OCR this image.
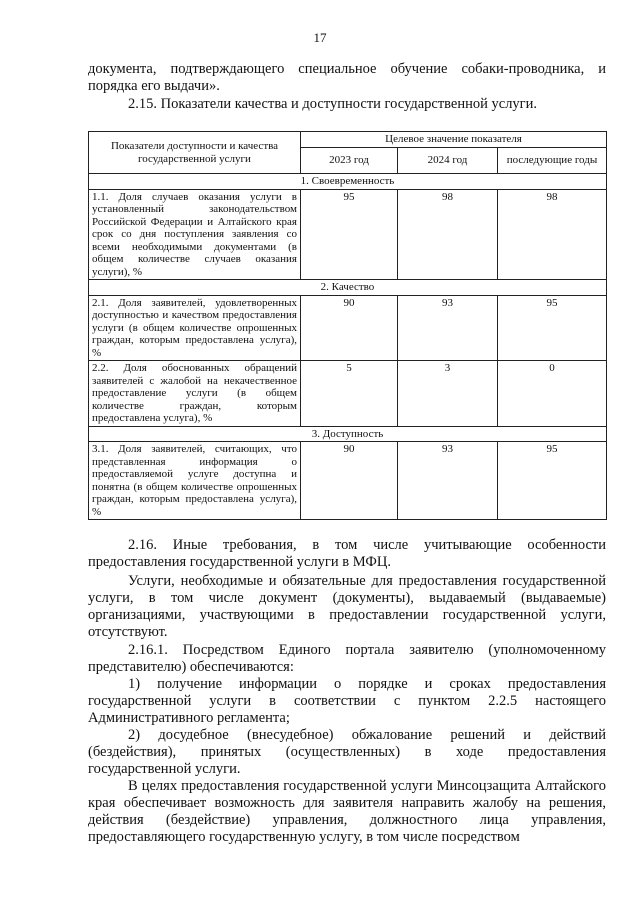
17

документа, подтверждающего специальное обучение собаки-проводника, и порядка его выдачи».

2.15. Показатели качества и доступности государственной услуги.

Показатели доступности и качества государственной услуги	Целевое значение показателя		
	2023 год	2024 год	последующие годы
1. Своевременность			
1.1. Доля случаев оказания услуги в установленный законодательством Российской Федерации и Алтайского края срок со дня поступления заявления со всеми необходимыми документами (в общем количестве случаев оказания услуги), %	95	98	98
2. Качество			
2.1. Доля заявителей, удовлетворенных доступностью и качеством предоставления услуги (в общем количестве опрошенных граждан, которым предоставлена услуга), %	90	93	95
2.2. Доля обоснованных обращений заявителей с жалобой на некачественное предоставление услуги (в общем количестве граждан, которым предоставлена услуга), %	5	3	0
3. Доступность			
3.1. Доля заявителей, считающих, что представленная информация о предоставляемой услуге доступна и понятна (в общем количестве опрошенных граждан, которым предоставлена услуга), %	90	93	95

2.16. Иные требования, в том числе учитывающие особенности предоставления государственной услуги в МФЦ.

Услуги, необходимые и обязательные для предоставления государственной услуги, в том числе документ (документы), выдаваемый (выдаваемые) организациями, участвующими в предоставлении государственной услуги, отсутствуют.

2.16.1. Посредством Единого портала заявителю (уполномоченному представителю) обеспечиваются:

1) получение информации о порядке и сроках предоставления государственной услуги в соответствии с пунктом 2.2.5 настоящего Административного регламента;

2) досудебное (внесудебное) обжалование решений и действий (бездействия), принятых (осуществленных) в ходе предоставления государственной услуги.

В целях предоставления государственной услуги Минсоцзащита Алтайского края обеспечивает возможность для заявителя направить жалобу на решения, действия (бездействие) управления, должностного лица управления, предоставляющего государственную услугу, в том числе посредством
